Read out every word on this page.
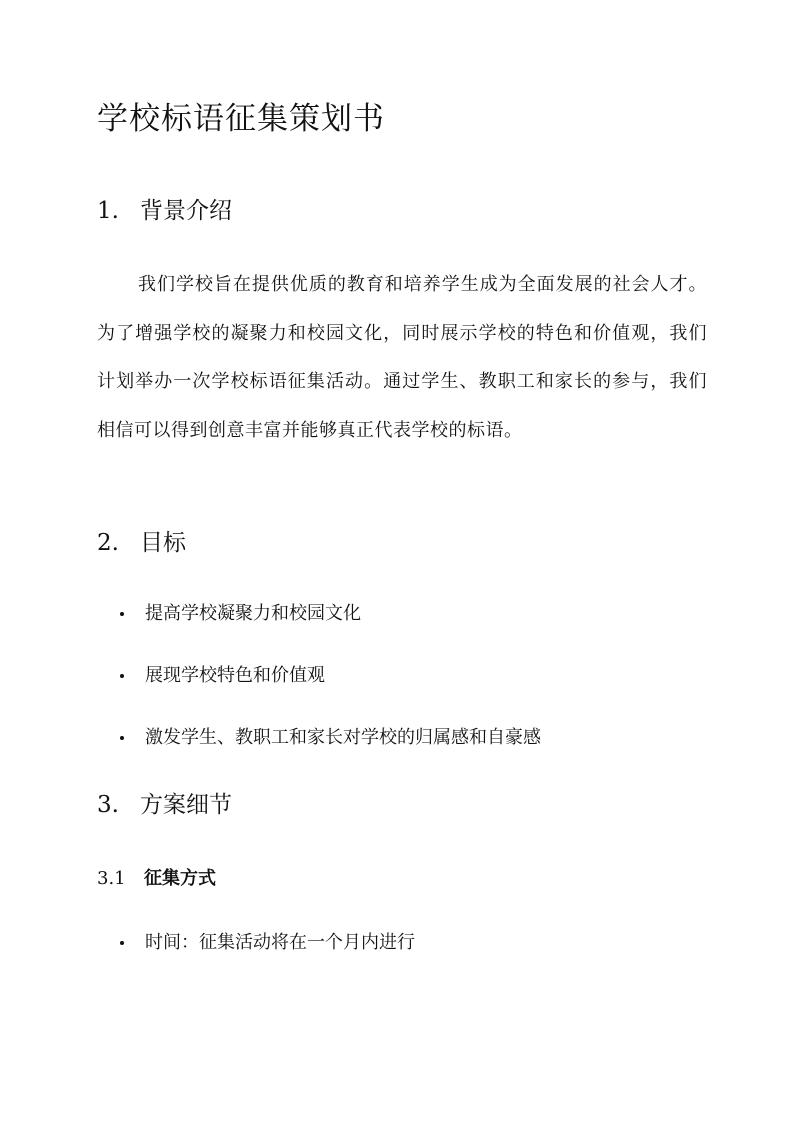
学校标语征集策划书
1. 背景介绍

我们学校旨在提供优质的教育和培养学生成为全面发展的社会人才。为了增强学校的凝聚力和校园文化，同时展示学校的特色和价值观，我们计划举办一次学校标语征集活动。通过学生、教职工和家长的参与，我们相信可以得到创意丰富并能够真正代表学校的标语。

2. 目标
提高学校凝聚力和校园文化
展现学校特色和价值观
激发学生、教职工和家长对学校的归属感和自豪感
3. 方案细节
3.1 征集方式
时间：征集活动将在一个月内进行
